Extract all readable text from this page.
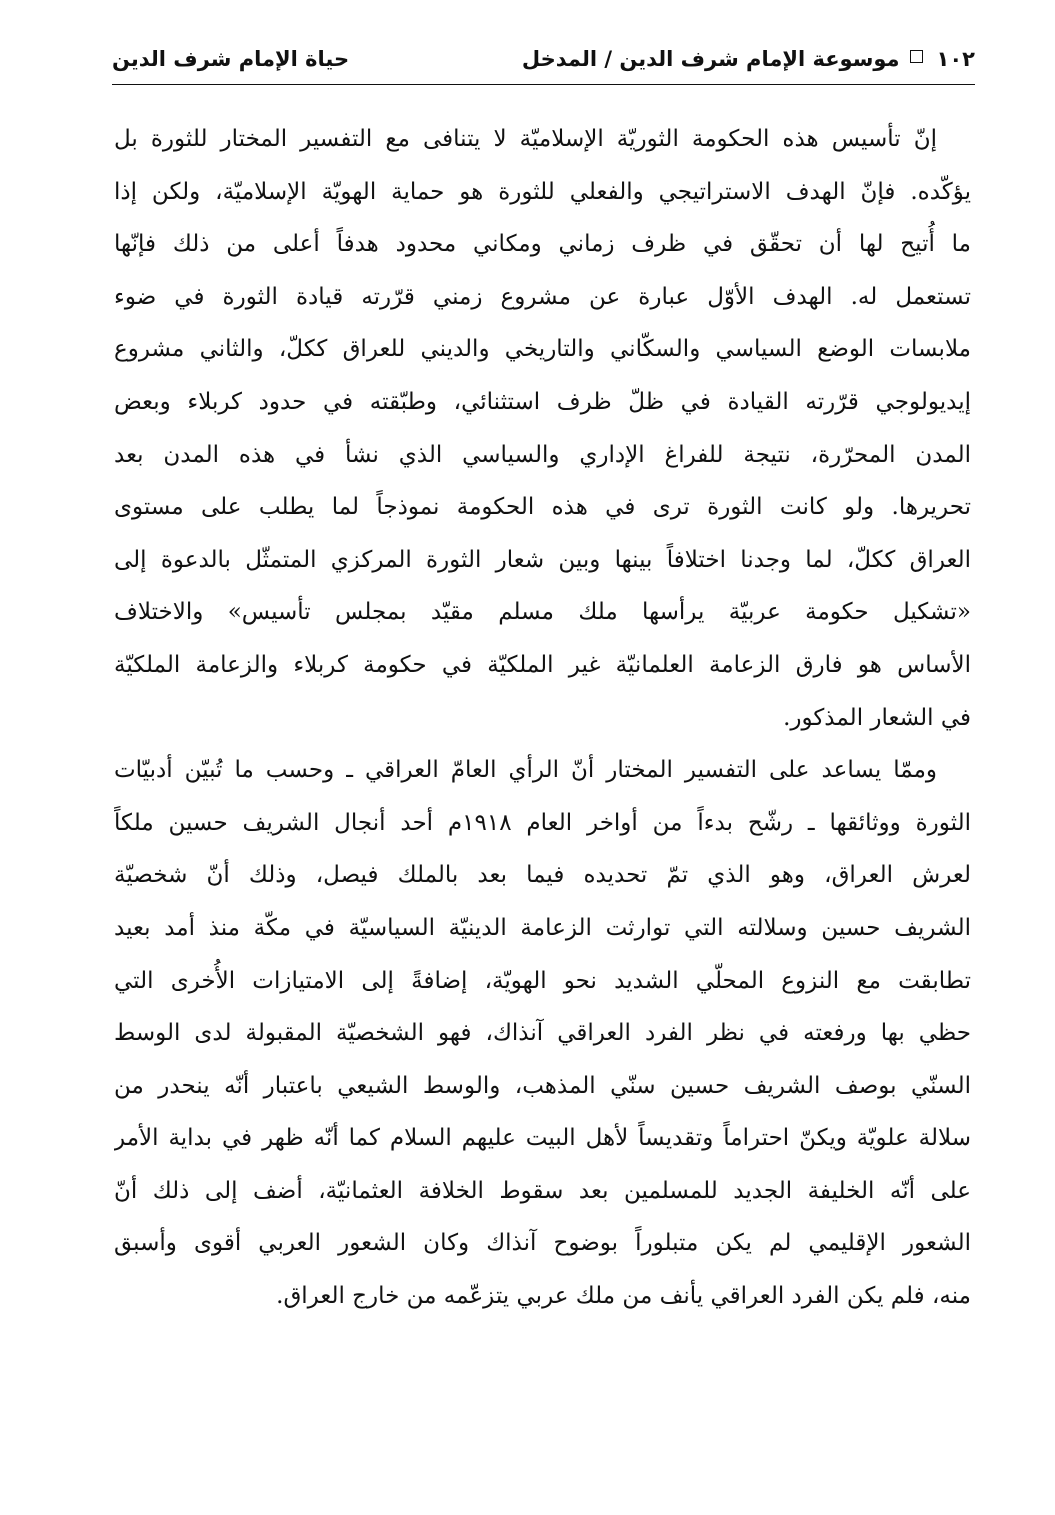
١٠٢موسوعة الإمام شرف الدين / المدخل
حياة الإمام شرف الدين
إنّ تأسيس هذه الحكومة الثوريّة الإسلاميّة لا يتنافى مع التفسير المختار للثورة بل
يؤكّده. فإنّ الهدف الاستراتيجي والفعلي للثورة هو حماية الهويّة الإسلاميّة، ولكن إذا
ما أُتيح لها أن تحقّق في ظرف زماني ومكاني محدود هدفاً أعلى من ذلك فإنّها
تستعمل له. الهدف الأوّل عبارة عن مشروع زمني قرّرته قيادة الثورة في ضوء
ملابسات الوضع السياسي والسكّاني والتاريخي والديني للعراق ككلّ، والثاني مشروع
إيديولوجي قرّرته القيادة في ظلّ ظرف استثنائي، وطبّقته في حدود كربلاء وبعض
المدن المحرّرة، نتيجة للفراغ الإداري والسياسي الذي نشأ في هذه المدن بعد
تحريرها. ولو كانت الثورة ترى في هذه الحكومة نموذجاً لما يطلب على مستوى
العراق ككلّ، لما وجدنا اختلافاً بينها وبين شعار الثورة المركزي المتمثّل بالدعوة إلى
«تشكيل حكومة عربيّة يرأسها ملك مسلم مقيّد بمجلس تأسيس» والاختلاف
الأساس هو فارق الزعامة العلمانيّة غير الملكيّة في حكومة كربلاء والزعامة الملكيّة
في الشعار المذكور.
وممّا يساعد على التفسير المختار أنّ الرأي العامّ العراقي ـ وحسب ما تُبيّن أدبيّات
الثورة ووثائقها ـ رشّح بدءاً من أواخر العام ١٩١٨م أحد أنجال الشريف حسين ملكاً
لعرش العراق، وهو الذي تمّ تحديده فيما بعد بالملك فيصل، وذلك أنّ شخصيّة
الشريف حسين وسلالته التي توارثت الزعامة الدينيّة السياسيّة في مكّة منذ أمد بعيد
تطابقت مع النزوع المحلّي الشديد نحو الهويّة، إضافةً إلى الامتيازات الأُخرى التي
حظي بها ورفعته في نظر الفرد العراقي آنذاك، فهو الشخصيّة المقبولة لدى الوسط
السنّي بوصف الشريف حسين سنّي المذهب، والوسط الشيعي باعتبار أنّه ينحدر من
سلالة علويّة ويكنّ احتراماً وتقديساً لأهل البيت عليهم السلام كما أنّه ظهر في بداية الأمر
على أنّه الخليفة الجديد للمسلمين بعد سقوط الخلافة العثمانيّة، أضف إلى ذلك أنّ
الشعور الإقليمي لم يكن متبلوراً بوضوح آنذاك وكان الشعور العربي أقوى وأسبق
منه، فلم يكن الفرد العراقي يأنف من ملك عربي يتزعّمه من خارج العراق.
